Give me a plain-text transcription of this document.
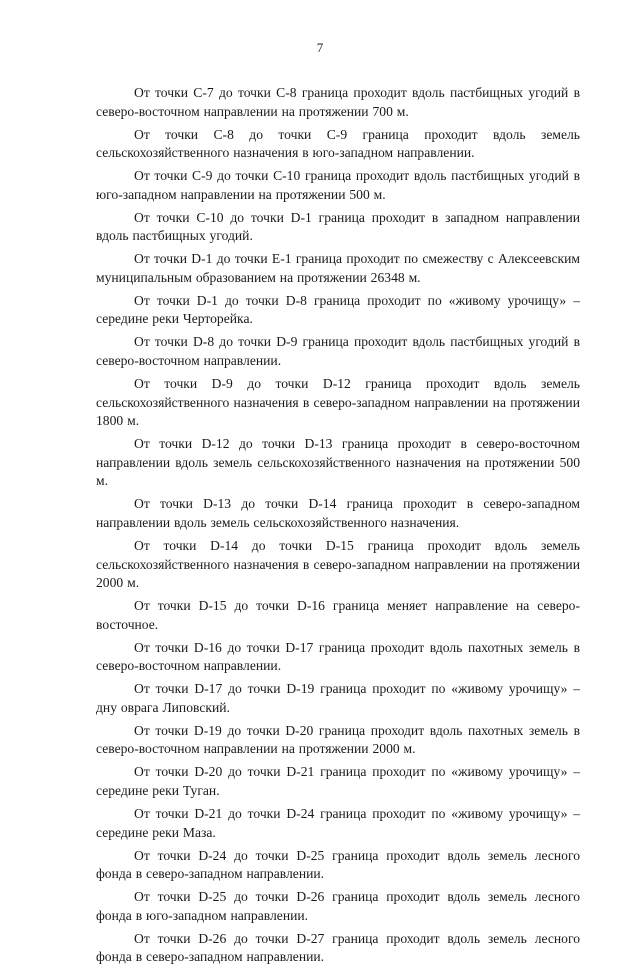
7

От точки С-7 до точки С-8 граница проходит вдоль пастбищных угодий в северо-восточном направлении на протяжении 700 м.

От точки С-8 до точки С-9 граница проходит вдоль земель сельскохозяйственного назначения в юго-западном направлении.

От точки С-9 до точки С-10 граница проходит вдоль пастбищных угодий в юго-западном направлении на протяжении 500 м.

От точки С-10 до точки D-1 граница проходит в западном направлении вдоль пастбищных угодий.

От точки D-1 до точки Е-1 граница проходит по смежеству с Алексеевским муниципальным образованием на протяжении 26348 м.

От точки D-1 до точки D-8 граница проходит по «живому урочищу» – середине реки Черторейка.

От точки D-8 до точки D-9 граница проходит вдоль пастбищных угодий в северо-восточном направлении.

От точки D-9 до точки D-12 граница проходит вдоль земель сельскохозяйственного назначения в северо-западном направлении на протяжении 1800 м.

От точки D-12 до точки D-13 граница проходит в северо-восточном направлении вдоль земель сельскохозяйственного назначения на протяжении 500 м.

От точки D-13 до точки D-14 граница проходит в северо-западном направлении вдоль земель сельскохозяйственного назначения.

От точки D-14 до точки D-15 граница проходит вдоль земель сельскохозяйственного назначения в северо-западном направлении на протяжении 2000 м.

От точки D-15 до точки D-16 граница меняет направление на северо-восточное.

От точки D-16 до точки D-17 граница проходит вдоль пахотных земель в северо-восточном направлении.

От точки D-17 до точки D-19 граница проходит по «живому урочищу» – дну оврага Липовский.

От точки D-19 до точки D-20 граница проходит вдоль пахотных земель в северо-восточном направлении на протяжении 2000 м.

От точки D-20 до точки D-21 граница проходит по «живому урочищу» – середине реки Туган.

От точки D-21 до точки D-24 граница проходит по «живому урочищу» – середине реки Маза.

От точки D-24 до точки D-25 граница проходит вдоль земель лесного фонда в северо-западном направлении.

От точки D-25 до точки D-26 граница проходит вдоль земель лесного фонда в юго-западном направлении.

От точки D-26 до точки D-27 граница проходит вдоль земель лесного фонда в северо-западном направлении.
